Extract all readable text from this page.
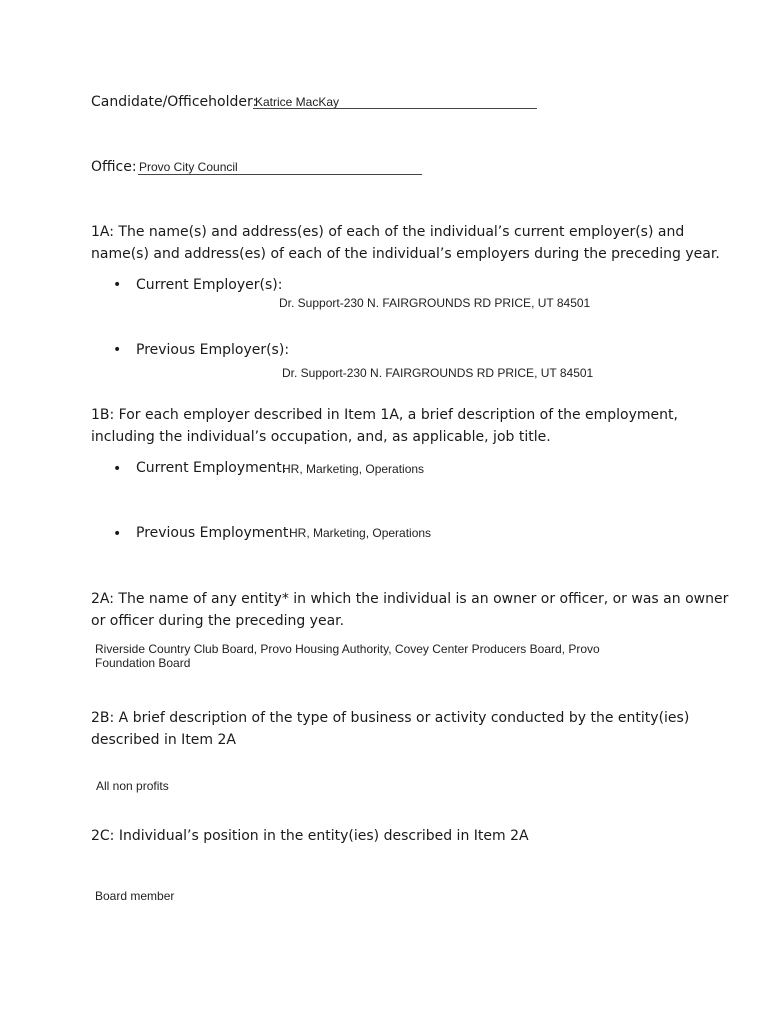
Candidate/Officeholder:
Katrice MacKay
Office: Provo City Council
1A: The name(s) and address(es) of each of the individual’s current employer(s) and
name(s) and address(es) of each of the individual’s employers during the preceding year.
• Current Employer(s):
Dr. Support-230 N. FAIRGROUNDS RD PRICE, UT 84501
• Previous Employer(s):
Dr. Support-230 N. FAIRGROUNDS RD PRICE, UT 84501
1B: For each employer described in Item 1A, a brief description of the employment,
including the individual’s occupation, and, as applicable, job title.
• Current Employment:
HR, Marketing, Operations
• Previous Employment:
HR, Marketing, Operations
2A: The name of any entity* in which the individual is an owner or officer, or was an owner
or officer during the preceding year.
Riverside Country Club Board, Provo Housing Authority, Covey Center Producers Board, Provo
Foundation Board
2B: A brief description of the type of business or activity conducted by the entity(ies)
described in Item 2A
All non profits
2C: Individual’s position in the entity(ies) described in Item 2A
Board member
